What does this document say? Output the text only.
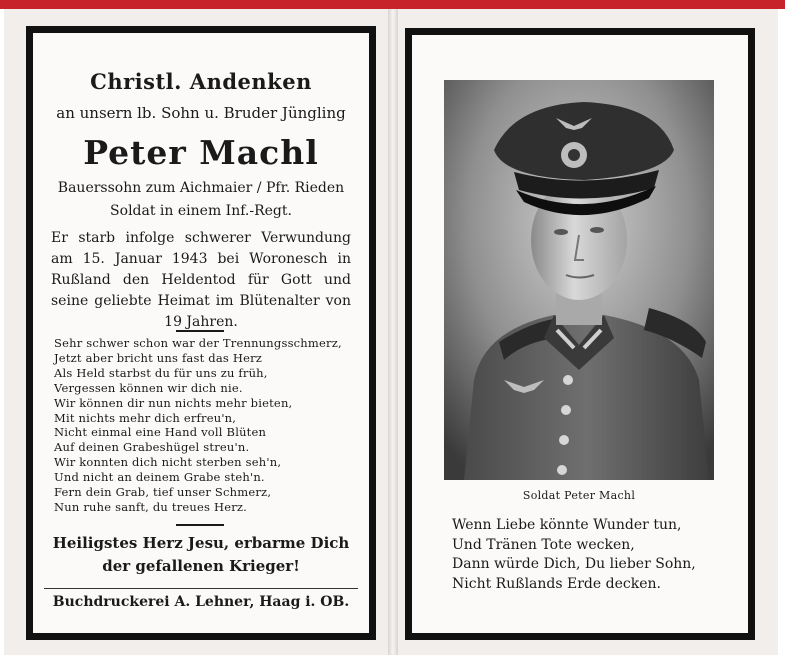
Christl. Andenken
an unsern lb. Sohn u. Bruder Jüngling
Peter Machl
Bauerssohn zum Aichmaier / Pfr. Rieden
Soldat in einem Inf.-Regt.
Er starb infolge schwerer Verwundung am 15. Januar 1943 bei Woronesch in Rußland den Heldentod für Gott und seine geliebte Heimat im Blütenalter von 19 Jahren.
Sehr schwer schon war der Trennungsschmerz,
Jetzt aber bricht uns fast das Herz
Als Held starbst du für uns zu früh,
Vergessen können wir dich nie.
Wir können dir nun nichts mehr bieten,
Mit nichts mehr dich erfreu'n,
Nicht einmal eine Hand voll Blüten
Auf deinen Grabeshügel streu'n.
Wir konnten dich nicht sterben seh'n,
Und nicht an deinem Grabe steh'n.
Fern dein Grab, tief unser Schmerz,
Nun ruhe sanft, du treues Herz.
Heiligstes Herz Jesu, erbarme Dich
der gefallenen Krieger!
Buchdruckerei A. Lehner, Haag i. OB.
Soldat Peter Machl
Wenn Liebe könnte Wunder tun,
Und Tränen Tote wecken,
Dann würde Dich, Du lieber Sohn,
Nicht Rußlands Erde decken.
